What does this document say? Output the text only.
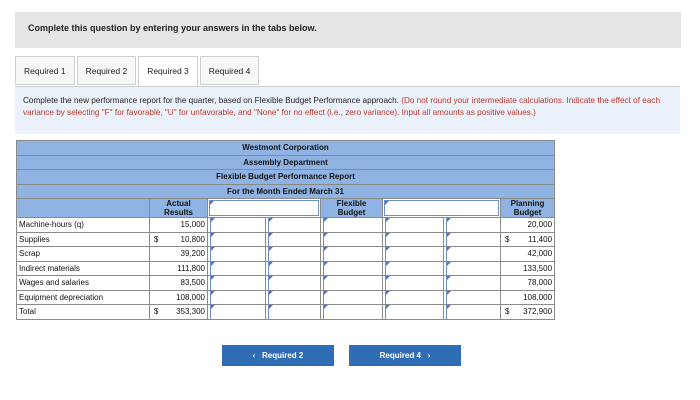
Complete this question by entering your answers in the tabs below.
Required 1	Required 2	Required 3	Required 4
Complete the new performance report for the quarter, based on Flexible Budget Performance approach. (Do not round your intermediate calculations. Indicate the effect of each variance by selecting "F" for favorable, "U" for unfavorable, and "None" for no effect (i.e., zero variance). Input all amounts as positive values.)
Westmont Corporation							
Assembly Department							
Flexible Budget Performance Report							
For the Month Ended March 31							
	Actual Results			Flexible Budget			Planning Budget
Machine-hours (q)	15,000						20,000
Supplies	$ 10,800						$ 11,400
Scrap	39,200						42,000
Indirect materials	111,800						133,500
Wages and salaries	83,500						78,000
Equipment depreciation	108,000						108,000
Total	$ 353,300						$ 372,900
‹ Required 2	Required 4 ›
